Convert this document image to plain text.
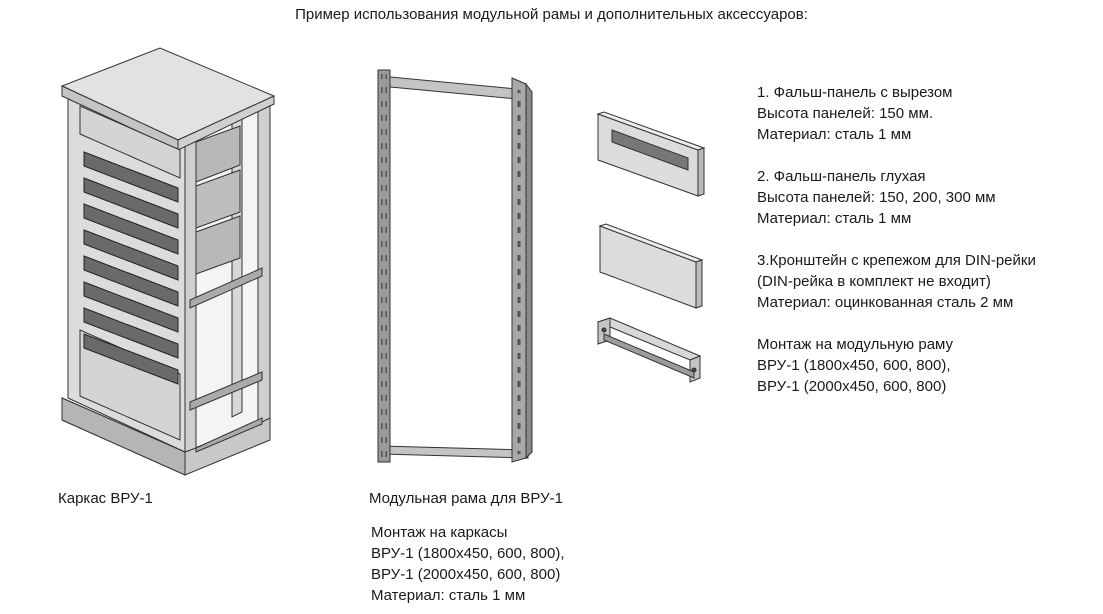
Пример использования модульной рамы и дополнительных аксессуаров:
Каркас ВРУ-1	Модульная рама для ВРУ-1
Монтаж на каркасы
ВРУ-1 (1800х450, 600, 800),
ВРУ-1 (2000х450, 600, 800)
Материал: сталь 1 мм
1. Фальш-панель с вырезом
Высота панелей: 150 мм.
Материал: сталь 1 мм
2. Фальш-панель глухая
Высота панелей: 150, 200, 300 мм
Материал: сталь 1 мм
3.Кронштейн с крепежом для DIN-рейки
(DIN-рейка в комплект не входит)
Материал: оцинкованная сталь 2 мм
Монтаж на модульную раму
ВРУ-1 (1800х450, 600, 800),
ВРУ-1 (2000х450, 600, 800)
